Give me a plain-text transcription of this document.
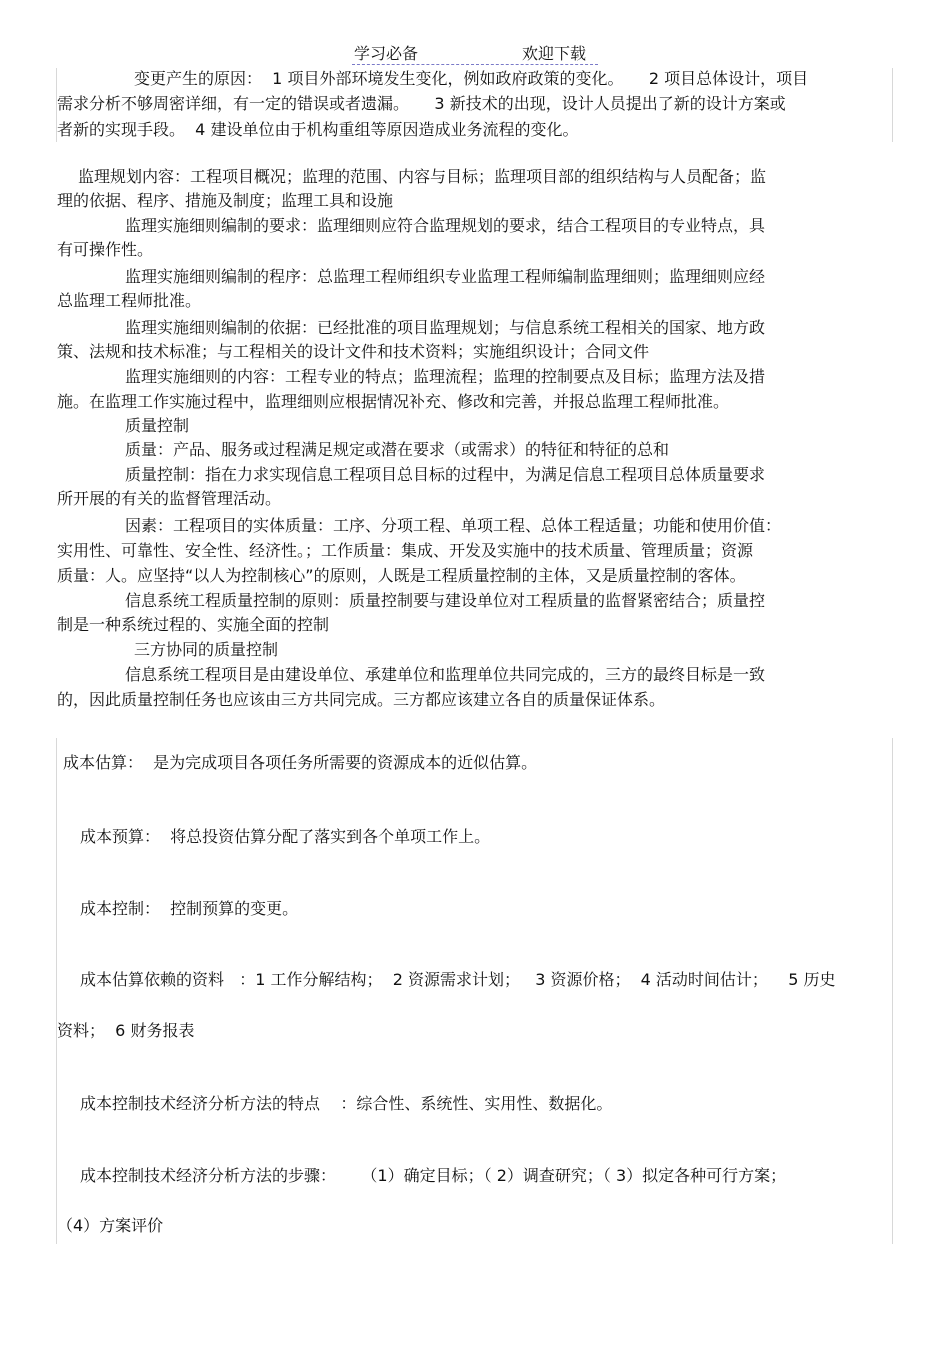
学习必备	欢迎下载
变更产生的原因：  1 项目外部环境发生变化，例如政府政策的变化。     2 项目总体设计，项目
需求分析不够周密详细，有一定的错误或者遗漏。     3 新技术的出现，设计人员提出了新的设计方案或
者新的实现手段。  4 建设单位由于机构重组等原因造成业务流程的变化。
监理规划内容：工程项目概况；监理的范围、内容与目标；监理项目部的组织结构与人员配备；监
理的依据、程序、措施及制度；监理工具和设施
监理实施细则编制的要求：监理细则应符合监理规划的要求，结合工程项目的专业特点，具
有可操作性。
监理实施细则编制的程序：总监理工程师组织专业监理工程师编制监理细则；监理细则应经
总监理工程师批准。
监理实施细则编制的依据：已经批准的项目监理规划；与信息系统工程相关的国家、地方政
策、法规和技术标准；与工程相关的设计文件和技术资料；实施组织设计；合同文件
监理实施细则的内容：工程专业的特点；监理流程；监理的控制要点及目标；监理方法及措
施。在监理工作实施过程中，监理细则应根据情况补充、修改和完善，并报总监理工程师批准。
质量控制
质量：产品、服务或过程满足规定或潜在要求（或需求）的特征和特征的总和
质量控制：指在力求实现信息工程项目总目标的过程中，为满足信息工程项目总体质量要求
所开展的有关的监督管理活动。
因素：工程项目的实体质量：工序、分项工程、单项工程、总体工程适量；功能和使用价值：
实用性、可靠性、安全性、经济性。；工作质量：集成、开发及实施中的技术质量、管理质量；资源
质量：人。应坚持“以人为控制核心”的原则，人既是工程质量控制的主体，又是质量控制的客体。
信息系统工程质量控制的原则：质量控制要与建设单位对工程质量的监督紧密结合；质量控
制是一种系统过程的、实施全面的控制
三方协同的质量控制
信息系统工程项目是由建设单位、承建单位和监理单位共同完成的，三方的最终目标是一致
的，因此质量控制任务也应该由三方共同完成。三方都应该建立各自的质量保证体系。
成本估算：  是为完成项目各项任务所需要的资源成本的近似估算。
成本预算：  将总投资估算分配了落实到各个单项工作上。
成本控制：  控制预算的变更。
成本估算依赖的资料   ：1 工作分解结构；  2 资源需求计划；   3 资源价格；  4 活动时间估计；    5 历史
资料；  6 财务报表
成本控制技术经济分析方法的特点    ：综合性、系统性、实用性、数据化。
成本控制技术经济分析方法的步骤：     （1）确定目标；（ 2）调查研究；（ 3）拟定各种可行方案；
（4）方案评价
